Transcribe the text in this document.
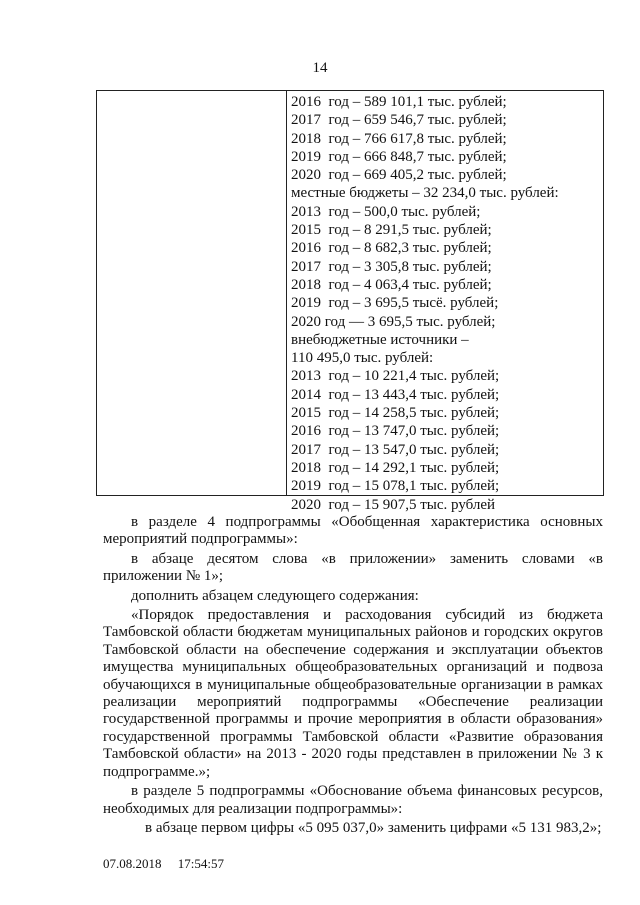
14
2016  год – 589 101,1 тыс. рублей;
2017  год – 659 546,7 тыс. рублей;
2018  год – 766 617,8 тыс. рублей;
2019  год – 666 848,7 тыс. рублей;
2020  год – 669 405,2 тыс. рублей;
местные бюджеты – 32 234,0 тыс. рублей:
2013  год – 500,0 тыс. рублей;
2015  год – 8 291,5 тыс. рублей;
2016  год – 8 682,3 тыс. рублей;
2017  год – 3 305,8 тыс. рублей;
2018  год – 4 063,4 тыс. рублей;
2019  год – 3 695,5 тысё. рублей;
2020 год — 3 695,5 тыс. рублей;
внебюджетные источники –
110 495,0 тыс. рублей:
2013  год – 10 221,4 тыс. рублей;
2014  год – 13 443,4 тыс. рублей;
2015  год – 14 258,5 тыс. рублей;
2016  год – 13 747,0 тыс. рублей;
2017  год – 13 547,0 тыс. рублей;
2018  год – 14 292,1 тыс. рублей;
2019  год – 15 078,1 тыс. рублей;
2020  год – 15 907,5 тыс. рублей

в разделе 4 подпрограммы «Обобщенная характеристика основных мероприятий подпрограммы»:

в абзаце десятом слова «в приложении» заменить словами «в приложении № 1»;

дополнить абзацем следующего содержания:

«Порядок предоставления и расходования субсидий из бюджета Тамбовской области бюджетам муниципальных районов и городских округов Тамбовской области на обеспечение содержания и эксплуатации объектов имущества муниципальных общеобразовательных организаций и подвоза обучающихся в муниципальные общеобразовательные организации в рамках реализации мероприятий подпрограммы «Обеспечение реализации государственной программы и прочие мероприятия в области образования» государственной программы Тамбовской области «Развитие образования Тамбовской области» на 2013 - 2020 годы представлен в приложении № 3 к подпрограмме.»;

в разделе 5 подпрограммы «Обоснование объема финансовых ресурсов, необходимых для реализации подпрограммы»:

в абзаце первом цифры «5 095 037,0» заменить цифрами «5 131 983,2»;

07.08.2018 17:54:57
